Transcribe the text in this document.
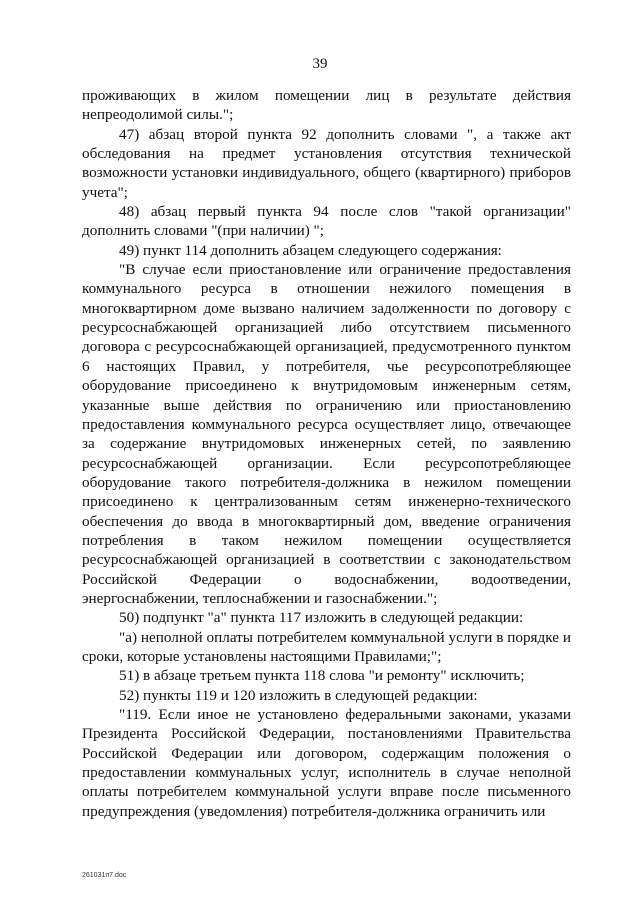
39

проживающих в жилом помещении лиц в результате действия непреодолимой силы.";

47) абзац второй пункта 92 дополнить словами ", а также акт обследования на предмет установления отсутствия технической возможности установки индивидуального, общего (квартирного) приборов учета";

48) абзац первый пункта 94 после слов "такой организации" дополнить словами "(при наличии) ";

49) пункт 114 дополнить абзацем следующего содержания:

"В случае если приостановление или ограничение предоставления коммунального ресурса в отношении нежилого помещения в многоквартирном доме вызвано наличием задолженности по договору с ресурсоснабжающей организацией либо отсутствием письменного договора с ресурсоснабжающей организацией, предусмотренного пунктом 6 настоящих Правил, у потребителя, чье ресурсопотребляющее оборудование присоединено к внутридомовым инженерным сетям, указанные выше действия по ограничению или приостановлению предоставления коммунального ресурса осуществляет лицо, отвечающее за содержание внутридомовых инженерных сетей, по заявлению ресурсоснабжающей организации. Если ресурсопотребляющее оборудование такого потребителя-должника в нежилом помещении присоединено к централизованным сетям инженерно-технического обеспечения до ввода в многоквартирный дом, введение ограничения потребления в таком нежилом помещении осуществляется ресурсоснабжающей организацией в соответствии с законодательством Российской Федерации о водоснабжении, водоотведении, энергоснабжении, теплоснабжении и газоснабжении.";

50) подпункт "а" пункта 117 изложить в следующей редакции:

"а) неполной оплаты потребителем коммунальной услуги в порядке и сроки, которые установлены настоящими Правилами;";

51) в абзаце третьем пункта 118 слова "и ремонту" исключить;

52) пункты 119 и 120 изложить в следующей редакции:

"119. Если иное не установлено федеральными законами, указами Президента Российской Федерации, постановлениями Правительства Российской Федерации или договором, содержащим положения о предоставлении коммунальных услуг, исполнитель в случае неполной оплаты потребителем коммунальной услуги вправе после письменного предупреждения (уведомления) потребителя-должника ограничить или

261031п7.doc
